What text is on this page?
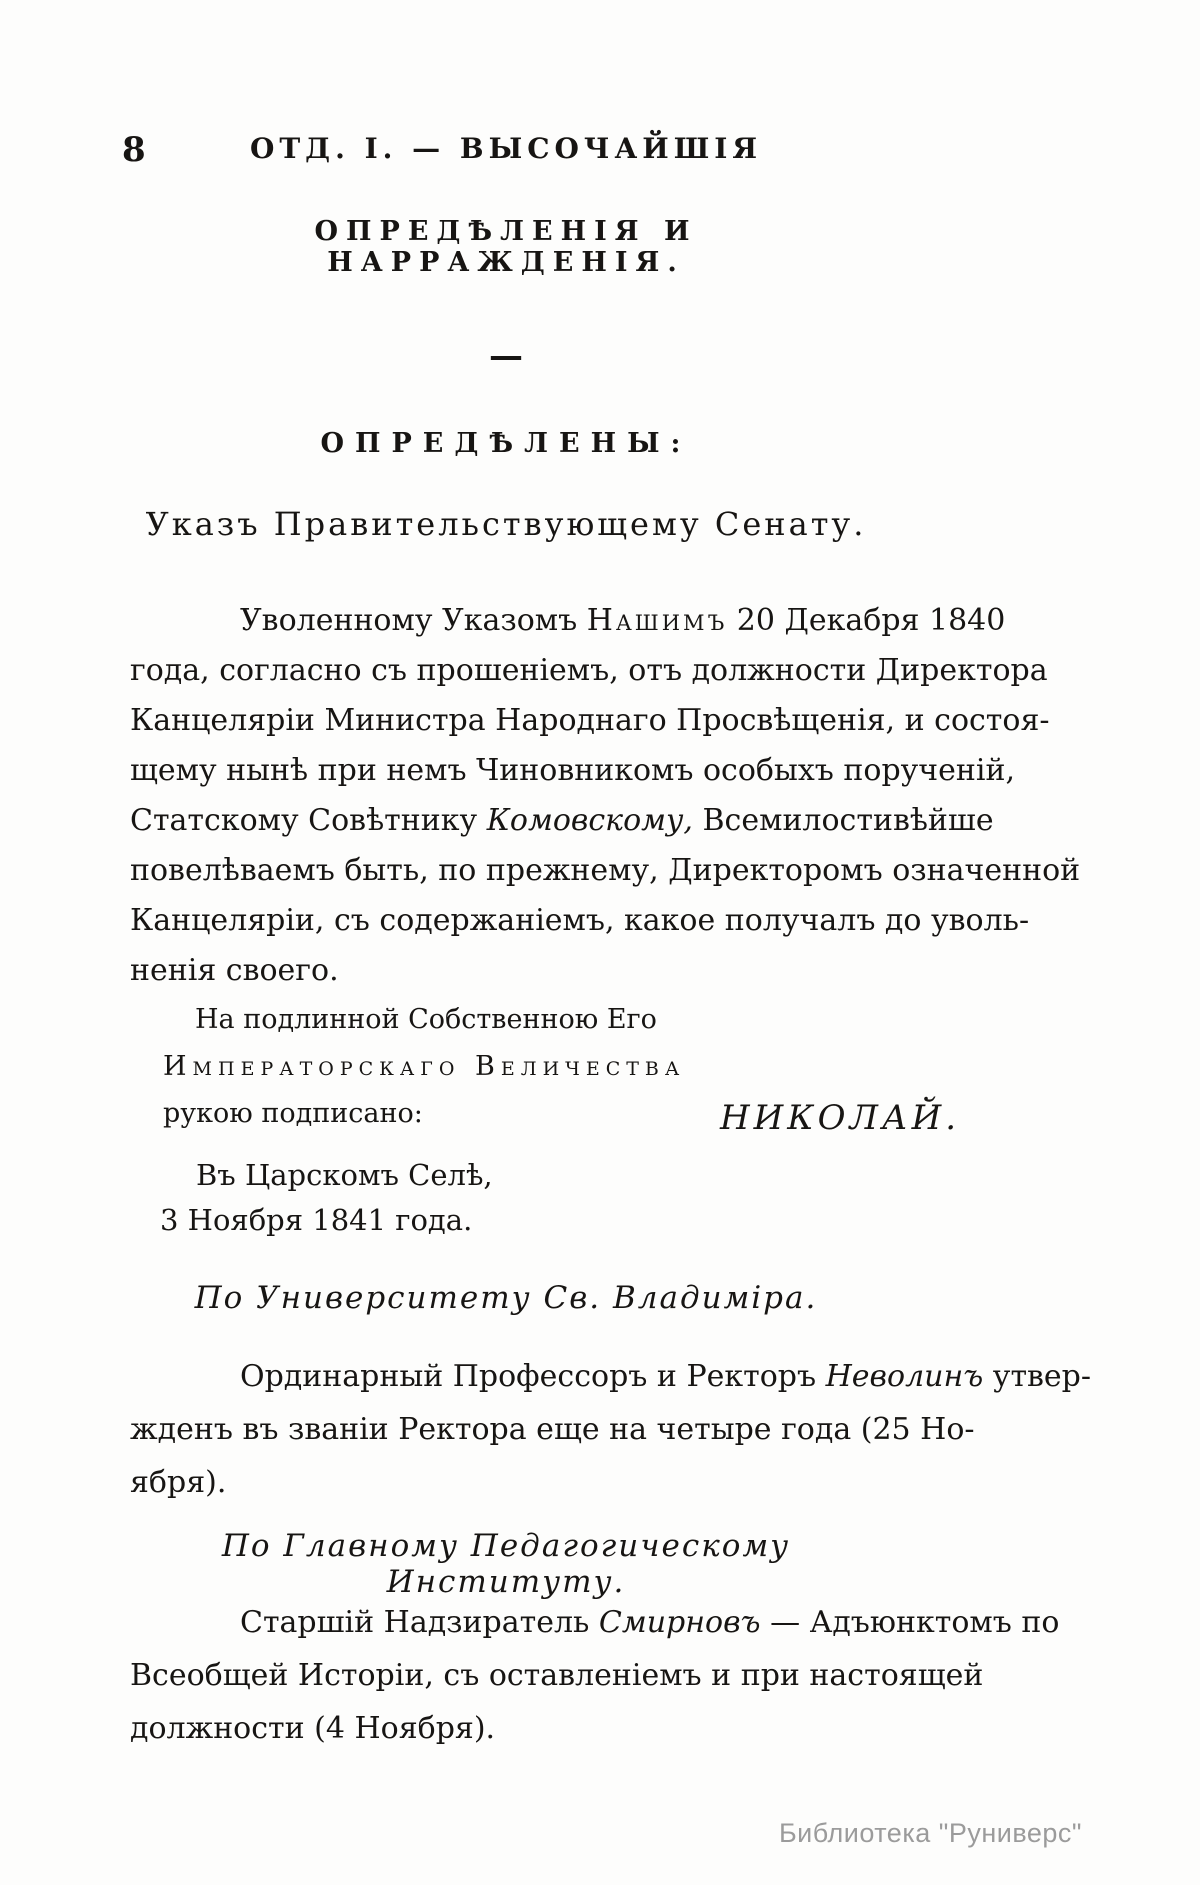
8	ОТД. І. — ВЫСОЧАЙШІЯ
ОПРЕДѢЛЕНІЯ И НАРРАЖДЕНІЯ.
—
ОПРЕДѢЛЕНЫ:
Указъ Правительствующему Сенату.
Уволенному Указомъ Нашимъ 20 Декабря 1840
года, согласно съ прошеніемъ, отъ должности Директора
Канцеляріи Министра Народнаго Просвѣщенія, и состоя-
щему нынѣ при немъ Чиновникомъ особыхъ порученій,
Статскому Совѣтнику Комовскому, Всемилостивѣйше
повелѣваемъ быть, по прежнему, Директоромъ означенной
Канцеляріи, съ содержаніемъ, какое получалъ до уволь-
ненія своего.
На подлинной Собственною Его
Императорскаго Величества
рукою подписано:	НИКОЛАЙ.
Въ Царскомъ Селѣ,
3 Ноября 1841 года.
По Университету Св. Владиміра.
Ординарный Профессоръ и Ректоръ Неволинъ утвер-
жденъ въ званіи Ректора еще на четыре года (25 Но-
ября).
По Главному Педагогическому Институту.
Старшій Надзиратель Смирновъ — Адъюнктомъ по
Всеобщей Исторіи, съ оставленіемъ и при настоящей
должности (4 Ноября).
Библиотека "Руниверс"
